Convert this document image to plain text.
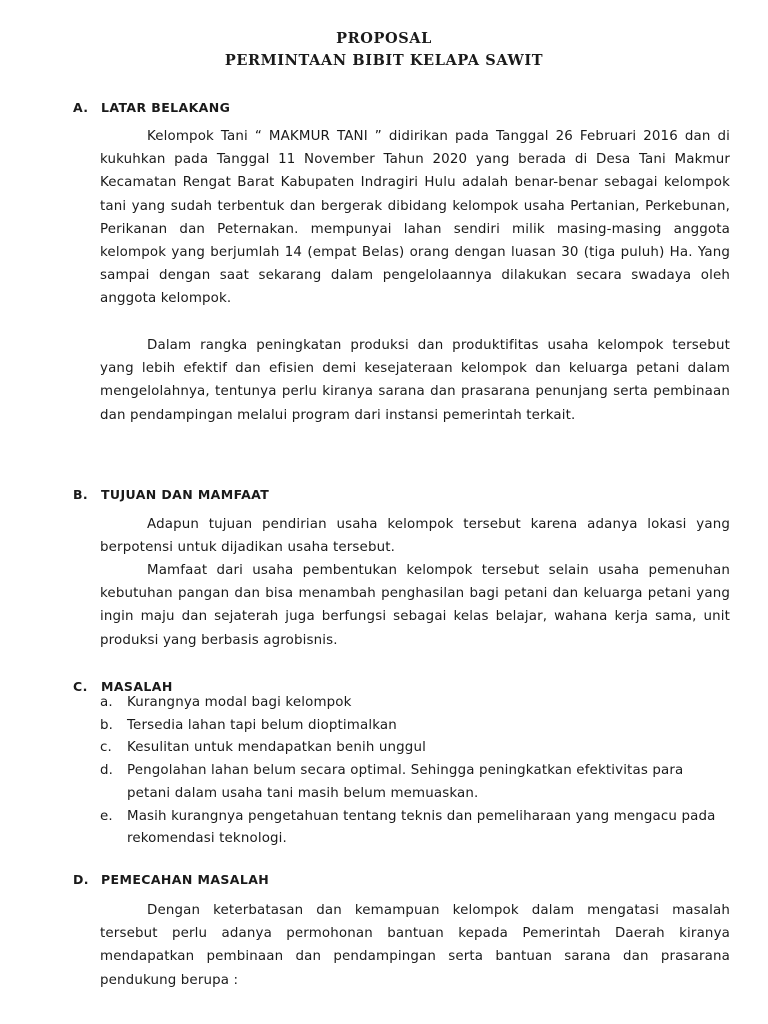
PROPOSAL
PERMINTAAN BIBIT KELAPA SAWIT
A. LATAR BELAKANG

Kelompok Tani “ MAKMUR TANI ” didirikan pada Tanggal 26 Februari 2016 dan di kukuhkan pada Tanggal 11 November Tahun 2020 yang berada di Desa Tani Makmur Kecamatan Rengat Barat Kabupaten Indragiri Hulu adalah benar-benar sebagai kelompok tani yang sudah terbentuk dan bergerak dibidang kelompok usaha Pertanian, Perkebunan, Perikanan dan Peternakan. mempunyai lahan sendiri milik masing-masing anggota kelompok yang berjumlah 14 (empat Belas) orang dengan luasan 30 (tiga puluh) Ha. Yang sampai dengan saat sekarang dalam pengelolaannya dilakukan secara swadaya oleh anggota kelompok.

Dalam rangka peningkatan produksi dan produktifitas usaha kelompok tersebut yang lebih efektif dan efisien demi kesejateraan kelompok dan keluarga petani dalam mengelolahnya, tentunya perlu kiranya sarana dan prasarana penunjang serta pembinaan dan pendampingan melalui program dari instansi pemerintah terkait.

B. TUJUAN DAN MAMFAAT

Adapun tujuan pendirian usaha kelompok tersebut karena adanya lokasi yang berpotensi untuk dijadikan usaha tersebut.

Mamfaat dari usaha pembentukan kelompok tersebut selain usaha pemenuhan kebutuhan pangan dan bisa menambah penghasilan bagi petani dan keluarga petani yang ingin maju dan sejaterah juga berfungsi sebagai kelas belajar, wahana kerja sama, unit produksi yang berbasis agrobisnis.

C. MASALAH
a. Kurangnya modal bagi kelompok
b. Tersedia lahan tapi belum dioptimalkan
c. Kesulitan untuk mendapatkan benih unggul
d. Pengolahan lahan belum secara optimal. Sehingga peningkatkan efektivitas para petani dalam usaha tani masih belum memuaskan.
e. Masih kurangnya pengetahuan tentang teknis dan pemeliharaan yang mengacu pada rekomendasi teknologi.
D. PEMECAHAN MASALAH

Dengan keterbatasan dan kemampuan kelompok dalam mengatasi masalah tersebut perlu adanya permohonan bantuan kepada Pemerintah Daerah kiranya mendapatkan pembinaan dan pendampingan serta bantuan sarana dan prasarana pendukung berupa :
